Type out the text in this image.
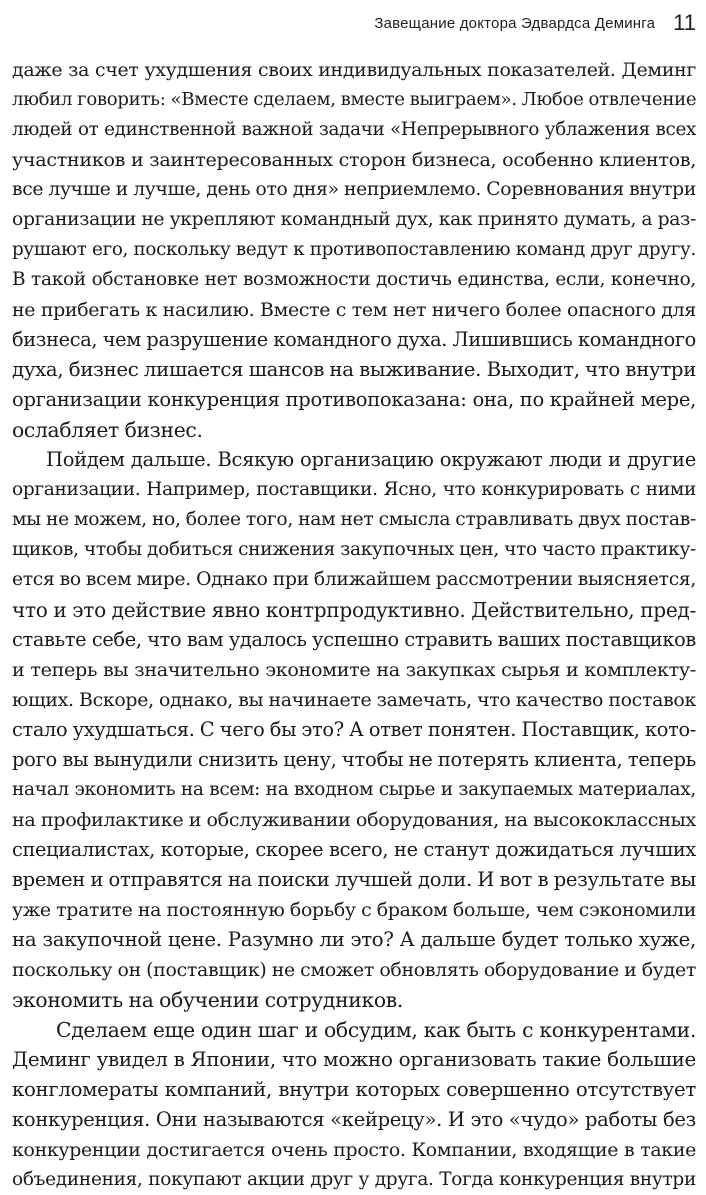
Завещание доктора Эдвардса Деминга 11
даже за счет ухудшения своих индивидуальных показателей. Деминг
любил говорить: «Вместе сделаем, вместе выиграем». Любое отвлечение
людей от единственной важной задачи «Непрерывного ублажения всех
участников и заинтересованных сторон бизнеса, особенно клиентов,
все лучше и лучше, день ото дня» неприемлемо. Соревнования внутри
организации не укрепляют командный дух, как принято думать, а раз-
рушают его, поскольку ведут к противопоставлению команд друг другу.
В такой обстановке нет возможности достичь единства, если, конечно,
не прибегать к насилию. Вместе с тем нет ничего более опасного для
бизнеса, чем разрушение командного духа. Лишившись командного
духа, бизнес лишается шансов на выживание. Выходит, что внутри
организации конкуренция противопоказана: она, по крайней мере,
ослабляет бизнес.
Пойдем дальше. Всякую организацию окружают люди и другие
организации. Например, поставщики. Ясно, что конкурировать с ними
мы не можем, но, более того, нам нет смысла стравливать двух постав-
щиков, чтобы добиться снижения закупочных цен, что часто практику-
ется во всем мире. Однако при ближайшем рассмотрении выясняется,
что и это действие явно контрпродуктивно. Действительно, пред-
ставьте себе, что вам удалось успешно стравить ваших поставщиков
и теперь вы значительно экономите на закупках сырья и комплекту-
ющих. Вскоре, однако, вы начинаете замечать, что качество поставок
стало ухудшаться. С чего бы это? А ответ понятен. Поставщик, кото-
рого вы вынудили снизить цену, чтобы не потерять клиента, теперь
начал экономить на всем: на входном сырье и закупаемых материалах,
на профилактике и обслуживании оборудования, на высококлассных
специалистах, которые, скорее всего, не станут дожидаться лучших
времен и отправятся на поиски лучшей доли. И вот в результате вы
уже тратите на постоянную борьбу с браком больше, чем сэкономили
на закупочной цене. Разумно ли это? А дальше будет только хуже,
поскольку он (поставщик) не сможет обновлять оборудование и будет
экономить на обучении сотрудников.
Сделаем еще один шаг и обсудим, как быть с конкурентами.
Деминг увидел в Японии, что можно организовать такие большие
конгломераты компаний, внутри которых совершенно отсутствует
конкуренция. Они называются «кейрецу». И это «чудо» работы без
конкуренции достигается очень просто. Компании, входящие в такие
объединения, покупают акции друг у друга. Тогда конкуренция внутри
